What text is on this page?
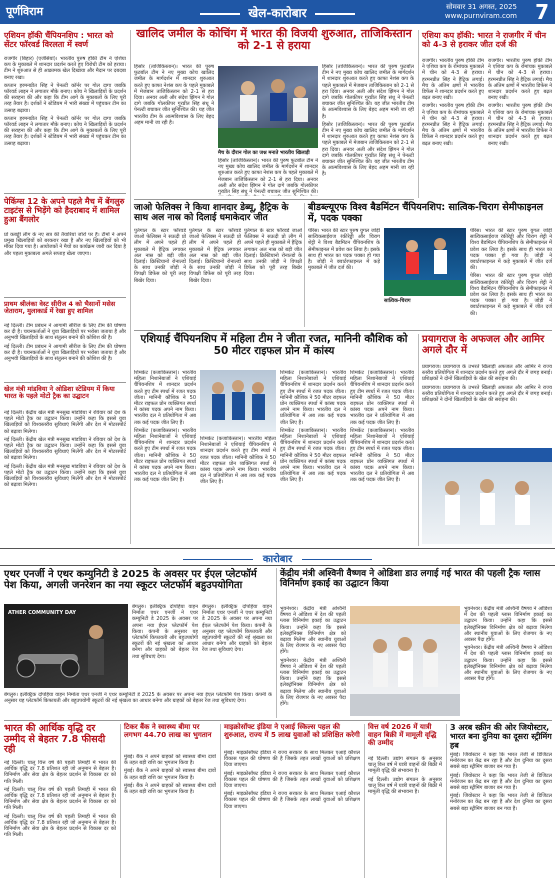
पूर्णविराम	खेल-कारोबार	सोमवार 31 अगस्त, 2025
www.purnviram.com 7
एशियन हॉकी चैंपियनशिप : भारत को सेंटर फॉरवर्ड विरलता में स्वर्ण

राजगीर (बिहार) (एजेंसियां)। भारतीय पुरुष हॉकी टीम ने एशिया कप के मुकाबले में शानदार प्रदर्शन करते हुए विरोधी टीम को हराया। टीम ने शुरुआत से ही आक्रामक खेल दिखाया और मैदान पर दबदबा बनाए रखा।

कप्तान हरमनप्रीत सिंह ने पेनल्टी कॉर्नर पर गोल दागा जबकि फॉरवर्ड लाइन ने लगातार मौके बनाए। कोच ने खिलाड़ियों के प्रदर्शन की सराहना की और कहा कि टीम आगे के मुकाबलों के लिए पूरी तरह तैयार है। दर्शकों ने स्टेडियम में भारी संख्या में पहुंचकर टीम का उत्साह बढ़ाया।

कप्तान हरमनप्रीत सिंह ने पेनल्टी कॉर्नर पर गोल दागा जबकि फॉरवर्ड लाइन ने लगातार मौके बनाए। कोच ने खिलाड़ियों के प्रदर्शन की सराहना की और कहा कि टीम आगे के मुकाबलों के लिए पूरी तरह तैयार है। दर्शकों ने स्टेडियम में भारी संख्या में पहुंचकर टीम का उत्साह बढ़ाया।

पेकिंग्स 12 के अपने पहले मैच में बेंगलुरु टाइटंस से भिड़ेंगे को हैदराबाद में शामिल हुआ बैंगलोर

प्रो कबड्डी लीग के नए सत्र की तैयारियां जोरों पर हैं। टीमों ने अपने प्रमुख खिलाड़ियों को बरकरार रखा है और नए खिलाड़ियों को भी मौका दिया गया है। आयोजकों ने मैचों का कार्यक्रम जारी कर दिया है और पहला मुकाबला अगले सप्ताह खेला जाएगा।

प्राथम श्रीलंका वेस्ट सीरीज 4 को भैसानों मसेस जेताराम, मुलाकार्ड में रेखा हुए शामिल

नई दिल्ली। टीम प्रबंधन ने आगामी सीरीज के लिए टीम की घोषणा कर दी है। चयनकर्ताओं ने युवा खिलाड़ियों पर भरोसा जताया है और अनुभवी खिलाड़ियों के साथ संतुलन बनाने की कोशिश की है।

नई दिल्ली। टीम प्रबंधन ने आगामी सीरीज के लिए टीम की घोषणा कर दी है। चयनकर्ताओं ने युवा खिलाड़ियों पर भरोसा जताया है और अनुभवी खिलाड़ियों के साथ संतुलन बनाने की कोशिश की है।

खेल मंत्री मांडविया ने ओडिशा स्टेडियम में किया भारत के पहले मोटो ट्रैक का उद्घाटन

नई दिल्ली। केंद्रीय खेल मंत्री मनसुख मांडविया ने रविवार को देश के पहले मोटो ट्रैक का उद्घाटन किया। उन्होंने कहा कि इससे युवा खिलाड़ियों को विश्वस्तरीय सुविधाएं मिलेंगी और देश में मोटरस्पोर्ट को बढ़ावा मिलेगा।

नई दिल्ली। केंद्रीय खेल मंत्री मनसुख मांडविया ने रविवार को देश के पहले मोटो ट्रैक का उद्घाटन किया। उन्होंने कहा कि इससे युवा खिलाड़ियों को विश्वस्तरीय सुविधाएं मिलेंगी और देश में मोटरस्पोर्ट को बढ़ावा मिलेगा।

नई दिल्ली। केंद्रीय खेल मंत्री मनसुख मांडविया ने रविवार को देश के पहले मोटो ट्रैक का उद्घाटन किया। उन्होंने कहा कि इससे युवा खिलाड़ियों को विश्वस्तरीय सुविधाएं मिलेंगी और देश में मोटरस्पोर्ट को बढ़ावा मिलेगा।

खालिद जमील के कोचिंग में भारत की विजयी शुरुआत, ताजिकिस्तान को 2-1 से हराया

हिसोर (ताजिकिस्तान)। भारत की पुरुष फुटबॉल टीम ने नए मुख्य कोच खालिद जमील के मार्गदर्शन में शानदार शुरुआत करते हुए काफा नेशंस कप के पहले मुकाबले में मेजबान ताजिकिस्तान को 2-1 से हरा दिया। अनवर अली और संदेश झिंगन ने गोल दागे जबकि गोलकीपर गुरप्रीत सिंह संधू ने पेनल्टी बचाकर जीत सुनिश्चित की। यह जीत भारतीय टीम के आत्मविश्वास के लिए बेहद अहम मानी जा रही है।

मैच के दौरान गोल का जश्न मनाते भारतीय खिलाड़ी

हिसोर (ताजिकिस्तान)। भारत की पुरुष फुटबॉल टीम ने नए मुख्य कोच खालिद जमील के मार्गदर्शन में शानदार शुरुआत करते हुए काफा नेशंस कप के पहले मुकाबले में मेजबान ताजिकिस्तान को 2-1 से हरा दिया। अनवर अली और संदेश झिंगन ने गोल दागे जबकि गोलकीपर गुरप्रीत सिंह संधू ने पेनल्टी बचाकर जीत सुनिश्चित की।

हिसोर (ताजिकिस्तान)। भारत की पुरुष फुटबॉल टीम ने नए मुख्य कोच खालिद जमील के मार्गदर्शन में शानदार शुरुआत करते हुए काफा नेशंस कप के पहले मुकाबले में मेजबान ताजिकिस्तान को 2-1 से हरा दिया। अनवर अली और संदेश झिंगन ने गोल दागे जबकि गोलकीपर गुरप्रीत सिंह संधू ने पेनल्टी बचाकर जीत सुनिश्चित की। यह जीत भारतीय टीम के आत्मविश्वास के लिए बेहद अहम मानी जा रही है।

हिसोर (ताजिकिस्तान)। भारत की पुरुष फुटबॉल टीम ने नए मुख्य कोच खालिद जमील के मार्गदर्शन में शानदार शुरुआत करते हुए काफा नेशंस कप के पहले मुकाबले में मेजबान ताजिकिस्तान को 2-1 से हरा दिया। अनवर अली और संदेश झिंगन ने गोल दागे जबकि गोलकीपर गुरप्रीत सिंह संधू ने पेनल्टी बचाकर जीत सुनिश्चित की। यह जीत भारतीय टीम के आत्मविश्वास के लिए बेहद अहम मानी जा रही है।

जाओ फेलिक्स ने किया शानदार डेब्यू, हैट्रिक के साथ अल नास्र को दिलाई धमाकेदार जीत

पुर्तगाल के स्टार फॉरवर्ड जाओ फेलिक्स ने सऊदी प्रो लीग में अपने पहले ही मुकाबले में हैट्रिक लगाकर अल नास्र को बड़ी जीत दिलाई। क्रिस्टियानो रोनाल्डो के साथ उनकी जोड़ी ने विपक्षी डिफेंस को पूरी तरह बिखेर दिया।

पुर्तगाल के स्टार फॉरवर्ड जाओ फेलिक्स ने सऊदी प्रो लीग में अपने पहले ही मुकाबले में हैट्रिक लगाकर अल नास्र को बड़ी जीत दिलाई। क्रिस्टियानो रोनाल्डो के साथ उनकी जोड़ी ने विपक्षी डिफेंस को पूरी तरह बिखेर दिया।

पुर्तगाल के स्टार फॉरवर्ड जाओ फेलिक्स ने सऊदी प्रो लीग में अपने पहले ही मुकाबले में हैट्रिक लगाकर अल नास्र को बड़ी जीत दिलाई। क्रिस्टियानो रोनाल्डो के साथ उनकी जोड़ी ने विपक्षी डिफेंस को पूरी तरह बिखेर दिया।

बीडब्ल्यूएफ विश्व बैडमिंटन चैंपियनशिप: सात्विक-चिराग सेमीफाइनल में, पदक पक्का

पेरिस। भारत की स्टार पुरुष युगल जोड़ी सात्विकसाईराज रंकीरेड्डी और चिराग शेट्टी ने विश्व बैडमिंटन चैंपियनशिप के सेमीफाइनल में प्रवेश कर लिया है। इसके साथ ही भारत का पदक पक्का हो गया है। जोड़ी ने क्वार्टरफाइनल में कड़े मुकाबले में जीत दर्ज की।

सात्विक-चिराग

पेरिस। भारत की स्टार पुरुष युगल जोड़ी सात्विकसाईराज रंकीरेड्डी और चिराग शेट्टी ने विश्व बैडमिंटन चैंपियनशिप के सेमीफाइनल में प्रवेश कर लिया है। इसके साथ ही भारत का पदक पक्का हो गया है। जोड़ी ने क्वार्टरफाइनल में कड़े मुकाबले में जीत दर्ज की।

पेरिस। भारत की स्टार पुरुष युगल जोड़ी सात्विकसाईराज रंकीरेड्डी और चिराग शेट्टी ने विश्व बैडमिंटन चैंपियनशिप के सेमीफाइनल में प्रवेश कर लिया है। इसके साथ ही भारत का पदक पक्का हो गया है। जोड़ी ने क्वार्टरफाइनल में कड़े मुकाबले में जीत दर्ज की।

एशिया कप हॉकी: भारत ने राजगीर में चीन को 4-3 से हराकर जीत दर्ज की

राजगीर। भारतीय पुरुष हॉकी टीम ने एशिया कप के रोमांचक मुकाबले में चीन को 4-3 से हराया। हरमनप्रीत सिंह ने हैट्रिक लगाई। मैच के अंतिम क्षणों में भारतीय डिफेंस ने शानदार प्रदर्शन करते हुए बढ़त बनाए रखी।

राजगीर। भारतीय पुरुष हॉकी टीम ने एशिया कप के रोमांचक मुकाबले में चीन को 4-3 से हराया। हरमनप्रीत सिंह ने हैट्रिक लगाई। मैच के अंतिम क्षणों में भारतीय डिफेंस ने शानदार प्रदर्शन करते हुए बढ़त बनाए रखी।

राजगीर। भारतीय पुरुष हॉकी टीम ने एशिया कप के रोमांचक मुकाबले में चीन को 4-3 से हराया। हरमनप्रीत सिंह ने हैट्रिक लगाई। मैच के अंतिम क्षणों में भारतीय डिफेंस ने शानदार प्रदर्शन करते हुए बढ़त बनाए रखी।

राजगीर। भारतीय पुरुष हॉकी टीम ने एशिया कप के रोमांचक मुकाबले में चीन को 4-3 से हराया। हरमनप्रीत सिंह ने हैट्रिक लगाई। मैच के अंतिम क्षणों में भारतीय डिफेंस ने शानदार प्रदर्शन करते हुए बढ़त बनाए रखी।

एशियाई चैंपियनशिप में महिला टीम ने जीता रजत, मानिनी कौशिक को 50 मीटर राइफल प्रोन में कांस्य

शिमकेंट (कजाकिस्तान)। भारतीय महिला निशानेबाजों ने एशियाई चैंपियनशिप में शानदार प्रदर्शन करते हुए टीम स्पर्धा में रजत पदक जीता। मानिनी कौशिक ने 50 मीटर राइफल प्रोन व्यक्तिगत स्पर्धा में कांस्य पदक अपने नाम किया। भारतीय दल ने प्रतियोगिता में अब तक कई पदक जीत लिए हैं।

शिमकेंट (कजाकिस्तान)। भारतीय महिला निशानेबाजों ने एशियाई चैंपियनशिप में शानदार प्रदर्शन करते हुए टीम स्पर्धा में रजत पदक जीता। मानिनी कौशिक ने 50 मीटर राइफल प्रोन व्यक्तिगत स्पर्धा में कांस्य पदक अपने नाम किया। भारतीय दल ने प्रतियोगिता में अब तक कई पदक जीत लिए हैं।

शिमकेंट (कजाकिस्तान)। भारतीय महिला निशानेबाजों ने एशियाई चैंपियनशिप में शानदार प्रदर्शन करते हुए टीम स्पर्धा में रजत पदक जीता। मानिनी कौशिक ने 50 मीटर राइफल प्रोन व्यक्तिगत स्पर्धा में कांस्य पदक अपने नाम किया। भारतीय दल ने प्रतियोगिता में अब तक कई पदक जीत लिए हैं।

शिमकेंट (कजाकिस्तान)। भारतीय महिला निशानेबाजों ने एशियाई चैंपियनशिप में शानदार प्रदर्शन करते हुए टीम स्पर्धा में रजत पदक जीता। मानिनी कौशिक ने 50 मीटर राइफल प्रोन व्यक्तिगत स्पर्धा में कांस्य पदक अपने नाम किया। भारतीय दल ने प्रतियोगिता में अब तक कई पदक जीत लिए हैं।

शिमकेंट (कजाकिस्तान)। भारतीय महिला निशानेबाजों ने एशियाई चैंपियनशिप में शानदार प्रदर्शन करते हुए टीम स्पर्धा में रजत पदक जीता। मानिनी कौशिक ने 50 मीटर राइफल प्रोन व्यक्तिगत स्पर्धा में कांस्य पदक अपने नाम किया। भारतीय दल ने प्रतियोगिता में अब तक कई पदक जीत लिए हैं।

शिमकेंट (कजाकिस्तान)। भारतीय महिला निशानेबाजों ने एशियाई चैंपियनशिप में शानदार प्रदर्शन करते हुए टीम स्पर्धा में रजत पदक जीता। मानिनी कौशिक ने 50 मीटर राइफल प्रोन व्यक्तिगत स्पर्धा में कांस्य पदक अपने नाम किया। भारतीय दल ने प्रतियोगिता में अब तक कई पदक जीत लिए हैं।

शिमकेंट (कजाकिस्तान)। भारतीय महिला निशानेबाजों ने एशियाई चैंपियनशिप में शानदार प्रदर्शन करते हुए टीम स्पर्धा में रजत पदक जीता। मानिनी कौशिक ने 50 मीटर राइफल प्रोन व्यक्तिगत स्पर्धा में कांस्य पदक अपने नाम किया। भारतीय दल ने प्रतियोगिता में अब तक कई पदक जीत लिए हैं।

प्रयागराज के अफजल और आमिर अगले दौर में

प्रयागराज। प्रयागराज के उभरते खिलाड़ी अफजल और आमिर ने राज्य स्तरीय प्रतियोगिता में शानदार प्रदर्शन करते हुए अगले दौर में जगह बनाई। प्रशिक्षकों ने दोनों खिलाड़ियों के खेल की सराहना की।

प्रयागराज। प्रयागराज के उभरते खिलाड़ी अफजल और आमिर ने राज्य स्तरीय प्रतियोगिता में शानदार प्रदर्शन करते हुए अगले दौर में जगह बनाई। प्रशिक्षकों ने दोनों खिलाड़ियों के खेल की सराहना की।

कारोबार
एथर एनर्जी ने एथर कम्युनिटी डे 2025 के अवसर पर ईएल प्लेटफॉर्म पेश किया, अगली जनरेशन का नया स्कूटर प्लेटफॉर्म बहुउपयोगिता
ATHER COMMUNITY DAY

बेंगलुरु। इलेक्ट्रिक दोपहिया वाहन निर्माता एथर एनर्जी ने एथर कम्युनिटी डे 2025 के अवसर पर अपना नया ईएल प्लेटफॉर्म पेश किया। कंपनी के अनुसार यह प्लेटफॉर्म किफायती और बहुउपयोगी स्कूटरों की नई श्रृंखला का आधार बनेगा और ग्राहकों को बेहतर रेंज तथा सुविधाएं देगा।

बेंगलुरु। इलेक्ट्रिक दोपहिया वाहन निर्माता एथर एनर्जी ने एथर कम्युनिटी डे 2025 के अवसर पर अपना नया ईएल प्लेटफॉर्म पेश किया। कंपनी के अनुसार यह प्लेटफॉर्म किफायती और बहुउपयोगी स्कूटरों की नई श्रृंखला का आधार बनेगा और ग्राहकों को बेहतर रेंज तथा सुविधाएं देगा।

बेंगलुरु। इलेक्ट्रिक दोपहिया वाहन निर्माता एथर एनर्जी ने एथर कम्युनिटी डे 2025 के अवसर पर अपना नया ईएल प्लेटफॉर्म पेश किया। कंपनी के अनुसार यह प्लेटफॉर्म किफायती और बहुउपयोगी स्कूटरों की नई श्रृंखला का आधार बनेगा और ग्राहकों को बेहतर रेंज तथा सुविधाएं देगा।

केंद्रीय मंत्री अश्विनी वैष्णव ने ओडिशा डाउ लगाई गई भारत की पहली ट्रैक ग्लास विनिर्माण इकाई का उद्घाटन किया

भुवनेश्वर। केंद्रीय मंत्री अश्विनी वैष्णव ने ओडिशा में देश की पहली ग्लास विनिर्माण इकाई का उद्घाटन किया। उन्होंने कहा कि इससे इलेक्ट्रॉनिक्स विनिर्माण क्षेत्र को बढ़ावा मिलेगा और स्थानीय युवाओं के लिए रोजगार के नए अवसर पैदा होंगे।

भुवनेश्वर। केंद्रीय मंत्री अश्विनी वैष्णव ने ओडिशा में देश की पहली ग्लास विनिर्माण इकाई का उद्घाटन किया। उन्होंने कहा कि इससे इलेक्ट्रॉनिक्स विनिर्माण क्षेत्र को बढ़ावा मिलेगा और स्थानीय युवाओं के लिए रोजगार के नए अवसर पैदा होंगे।

भुवनेश्वर। केंद्रीय मंत्री अश्विनी वैष्णव ने ओडिशा में देश की पहली ग्लास विनिर्माण इकाई का उद्घाटन किया। उन्होंने कहा कि इससे इलेक्ट्रॉनिक्स विनिर्माण क्षेत्र को बढ़ावा मिलेगा और स्थानीय युवाओं के लिए रोजगार के नए अवसर पैदा होंगे।

भुवनेश्वर। केंद्रीय मंत्री अश्विनी वैष्णव ने ओडिशा में देश की पहली ग्लास विनिर्माण इकाई का उद्घाटन किया। उन्होंने कहा कि इससे इलेक्ट्रॉनिक्स विनिर्माण क्षेत्र को बढ़ावा मिलेगा और स्थानीय युवाओं के लिए रोजगार के नए अवसर पैदा होंगे।

भारत की आर्थिक वृद्धि दर उम्मीद से बेहतर 7.8 फीसदी रही

नई दिल्ली। चालू वित्त वर्ष की पहली तिमाही में भारत की आर्थिक वृद्धि दर 7.8 प्रतिशत रही जो अनुमान से बेहतर है। विनिर्माण और सेवा क्षेत्र के बेहतर प्रदर्शन से विकास दर को गति मिली।

नई दिल्ली। चालू वित्त वर्ष की पहली तिमाही में भारत की आर्थिक वृद्धि दर 7.8 प्रतिशत रही जो अनुमान से बेहतर है। विनिर्माण और सेवा क्षेत्र के बेहतर प्रदर्शन से विकास दर को गति मिली।

नई दिल्ली। चालू वित्त वर्ष की पहली तिमाही में भारत की आर्थिक वृद्धि दर 7.8 प्रतिशत रही जो अनुमान से बेहतर है। विनिर्माण और सेवा क्षेत्र के बेहतर प्रदर्शन से विकास दर को गति मिली।

टिकर बैंक ने स्वास्थ्य बीमा पर लगभग 44.70 लाख का भुगतान

मुंबई। बैंक ने अपने ग्राहकों को स्वास्थ्य बीमा दावों के तहत बड़ी राशि का भुगतान किया है।

मुंबई। बैंक ने अपने ग्राहकों को स्वास्थ्य बीमा दावों के तहत बड़ी राशि का भुगतान किया है।

मुंबई। बैंक ने अपने ग्राहकों को स्वास्थ्य बीमा दावों के तहत बड़ी राशि का भुगतान किया है।

माइक्रोसॉफ्ट इंडिया ने एआई स्किल्स पहल की शुरुआत, राज्य में 5 लाख युवाओं को प्रशिक्षित करेगी

मुंबई। माइक्रोसॉफ्ट इंडिया ने राज्य सरकार के साथ मिलकर एआई कौशल विकास पहल की घोषणा की है जिसके तहत लाखों युवाओं को प्रशिक्षण दिया जाएगा।

मुंबई। माइक्रोसॉफ्ट इंडिया ने राज्य सरकार के साथ मिलकर एआई कौशल विकास पहल की घोषणा की है जिसके तहत लाखों युवाओं को प्रशिक्षण दिया जाएगा।

मुंबई। माइक्रोसॉफ्ट इंडिया ने राज्य सरकार के साथ मिलकर एआई कौशल विकास पहल की घोषणा की है जिसके तहत लाखों युवाओं को प्रशिक्षण दिया जाएगा।

वित्त वर्ष 2026 में यात्री वाहन बिक्री में मामूली वृद्धि की उम्मीद

नई दिल्ली। उद्योग संगठन के अनुसार चालू वित्त वर्ष में यात्री वाहनों की बिक्री में मामूली वृद्धि की संभावना है।

नई दिल्ली। उद्योग संगठन के अनुसार चालू वित्त वर्ष में यात्री वाहनों की बिक्री में मामूली वृद्धि की संभावना है।

3 अरब स्क्रीन की ओर जियोस्टार, भारत बना दुनिया का दूसरा स्ट्रीमिंग हब

मुंबई। जियोस्टार ने कहा कि भारत तेजी से डिजिटल मनोरंजन का केंद्र बन रहा है और देश दुनिया का दूसरा सबसे बड़ा स्ट्रीमिंग बाजार बन गया है।

मुंबई। जियोस्टार ने कहा कि भारत तेजी से डिजिटल मनोरंजन का केंद्र बन रहा है और देश दुनिया का दूसरा सबसे बड़ा स्ट्रीमिंग बाजार बन गया है।

मुंबई। जियोस्टार ने कहा कि भारत तेजी से डिजिटल मनोरंजन का केंद्र बन रहा है और देश दुनिया का दूसरा सबसे बड़ा स्ट्रीमिंग बाजार बन गया है।
